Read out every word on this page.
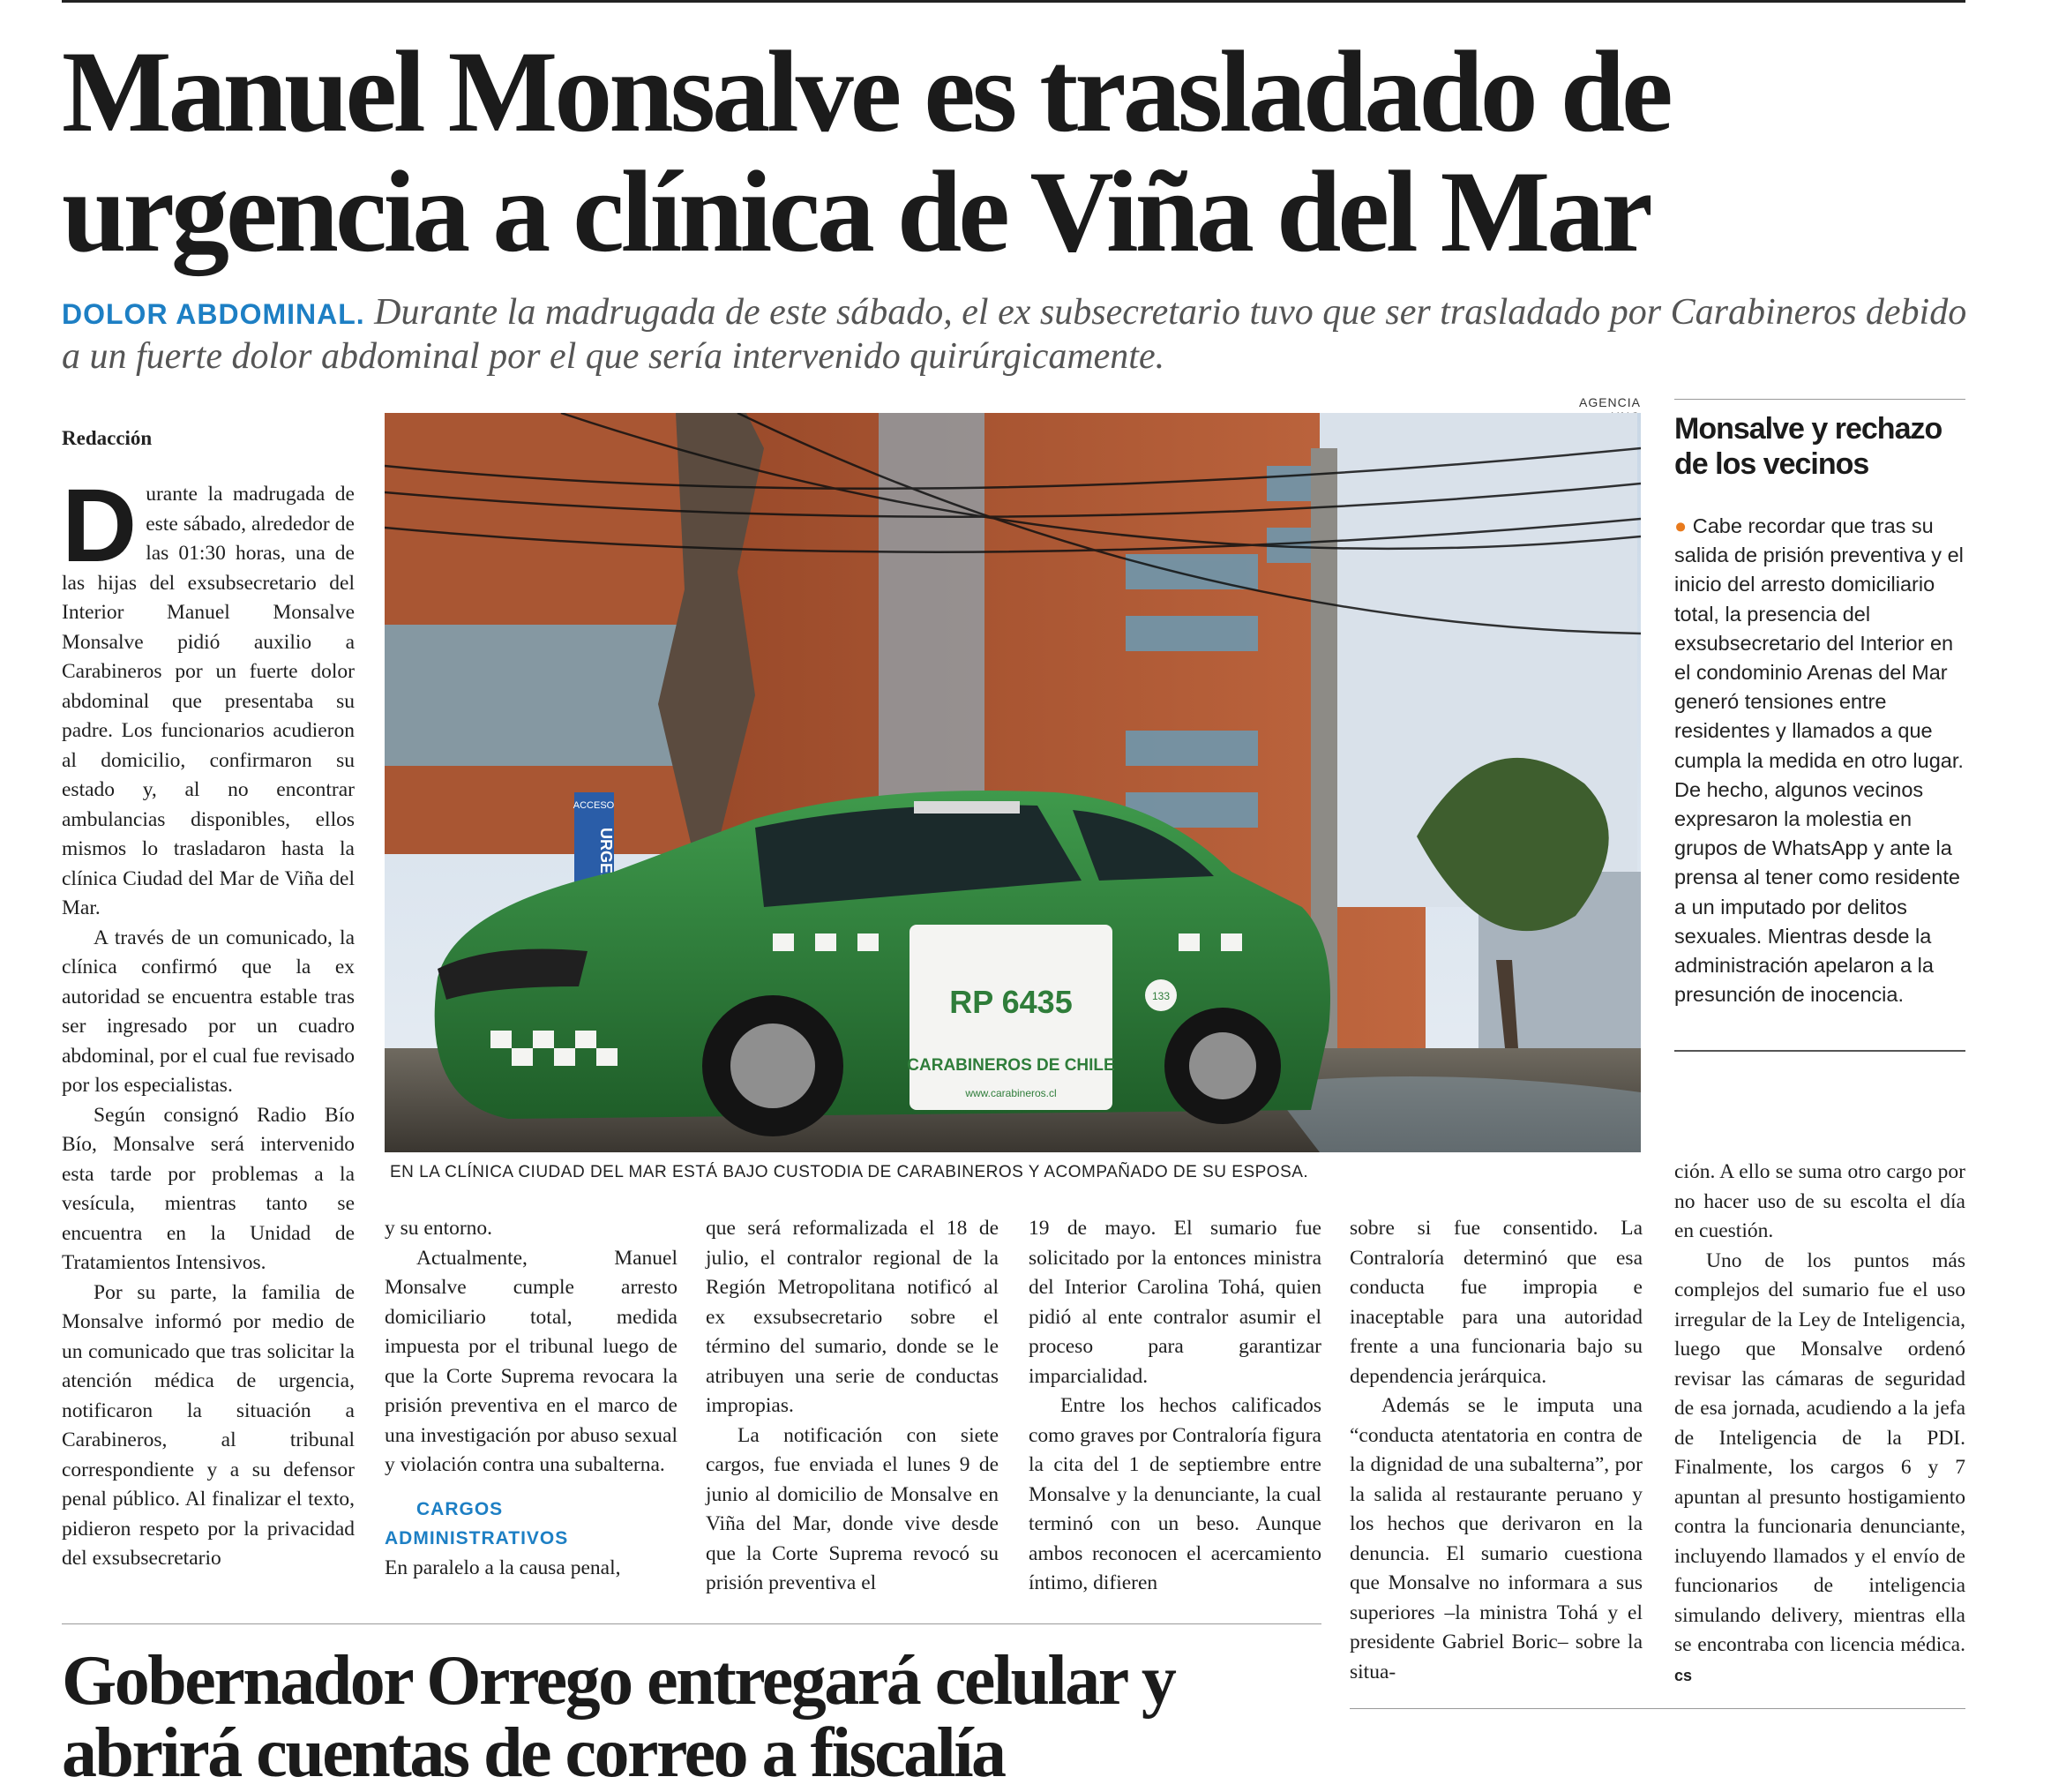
Manuel Monsalve es trasladado de urgencia a clínica de Viña del Mar
DOLOR ABDOMINAL. Durante la madrugada de este sábado, el ex subsecretario tuvo que ser trasladado por Carabineros debido a un fuerte dolor abdominal por el que sería intervenido quirúrgicamente.
Redacción

Durante la madrugada de este sábado, alrededor de las 01:30 horas, una de las hijas del exsubsecretario del Interior Manuel Monsalve Monsalve pidió auxilio a Carabineros por un fuerte dolor abdominal que presentaba su padre. Los funcionarios acudieron al domicilio, confirmaron su estado y, al no encontrar ambulancias disponibles, ellos mismos lo trasladaron hasta la clínica Ciudad del Mar de Viña del Mar.

A través de un comunicado, la clínica confirmó que la ex autoridad se encuentra estable tras ser ingresado por un cuadro abdominal, por el cual fue revisado por los especialistas.

Según consignó Radio Bío Bío, Monsalve será intervenido esta tarde por problemas a la vesícula, mientras tanto se encuentra en la Unidad de Tratamientos Intensivos.

Por su parte, la familia de Monsalve informó por medio de un comunicado que tras solicitar la atención médica de urgencia, notificaron la situación a Carabineros, al tribunal correspondiente y a su defensor penal público. Al finalizar el texto, pidieron respeto por la privacidad del exsubsecretario

AGENCIA
ACCESO
URGEN
RP 6435
CARABINEROS DE CHILE
www.carabineros.cl
133
EN LA CLÍNICA CIUDAD DEL MAR ESTÁ BAJO CUSTODIA DE CARABINEROS Y ACOMPAÑADO DE SU ESPOSA.
Monsalve y rechazo de los vecinos
● Cabe recordar que tras su salida de prisión preventiva y el inicio del arresto domiciliario total, la presencia del exsubsecretario del Interior en el condominio Arenas del Mar generó tensiones entre residentes y llamados a que cumpla la medida en otro lugar. De hecho, algunos vecinos expresaron la molestia en grupos de WhatsApp y ante la prensa al tener como residente a un imputado por delitos sexuales. Mientras desde la administración apelaron a la presunción de inocencia.

y su entorno.

Actualmente, Manuel Monsalve cumple arresto domiciliario total, medida impuesta por el tribunal luego de que la Corte Suprema revocara la prisión preventiva en el marco de una investigación por abuso sexual y violación contra una subalterna.

CARGOS ADMINISTRATIVOS

En paralelo a la causa penal,

que será reformalizada el 18 de julio, el contralor regional de la Región Metropolitana notificó al ex exsubsecretario sobre el término del sumario, donde se le atribuyen una serie de conductas impropias.

La notificación con siete cargos, fue enviada el lunes 9 de junio al domicilio de Monsalve en Viña del Mar, donde vive desde que la Corte Suprema revocó su prisión preventiva el

19 de mayo. El sumario fue solicitado por la entonces ministra del Interior Carolina Tohá, quien pidió al ente contralor asumir el proceso para garantizar imparcialidad.

Entre los hechos calificados como graves por Contraloría figura la cita del 1 de septiembre entre Monsalve y la denunciante, la cual terminó con un beso. Aunque ambos reconocen el acercamiento íntimo, difieren

sobre si fue consentido. La Contraloría determinó que esa conducta fue impropia e inaceptable para una autoridad frente a una funcionaria bajo su dependencia jerárquica.

Además se le imputa una “conducta atentatoria en contra de la dignidad de una subalterna”, por la salida al restaurante peruano y los hechos que derivaron en la denuncia. El sumario cuestiona que Monsalve no informara a sus superiores –la ministra Tohá y el presidente Gabriel Boric– sobre la situa-

ción. A ello se suma otro cargo por no hacer uso de su escolta el día en cuestión.

Uno de los puntos más complejos del sumario fue el uso irregular de la Ley de Inteligencia, luego que Monsalve ordenó revisar las cámaras de seguridad de esa jornada, acudiendo a la jefa de Inteligencia de la PDI. Finalmente, los cargos 6 y 7 apuntan al presunto hostigamiento contra la funcionaria denunciante, incluyendo llamados y el envío de funcionarios de inteligencia simulando delivery, mientras ella se encontraba con licencia médica. cs

Gobernador Orrego entregará celular y abrirá cuentas de correo a fiscalía
